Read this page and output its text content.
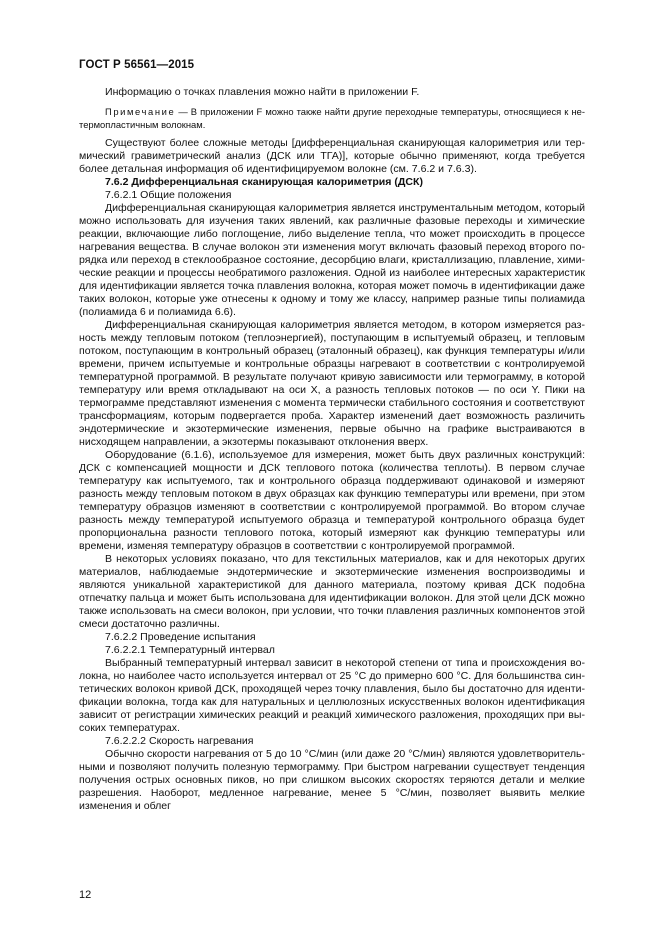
ГОСТ Р 56561—2015

Информацию о точках плавления можно найти в приложении F.

Примечание — В приложении F можно также найти другие переходные температуры, относящиеся к нетермопластичным волокнам.

Существуют более сложные методы [дифференциальная сканирующая калориметрия или термический гравиметрический анализ (ДСК или ТГА)], которые обычно применяют, когда требуется более детальная информация об идентифицируемом волокне (см. 7.6.2 и 7.6.3).

7.6.2 Дифференциальная сканирующая калориметрия (ДСК)

7.6.2.1 Общие положения

Дифференциальная сканирующая калориметрия является инструментальным методом, который можно использовать для изучения таких явлений, как различные фазовые переходы и химические реакции, включающие либо поглощение, либо выделение тепла, что может происходить в процессе нагревания вещества. В случае волокон эти изменения могут включать фазовый переход второго порядка или переход в стеклообразное состояние, десорбцию влаги, кристаллизацию, плавление, химические реакции и процессы необратимого разложения. Одной из наиболее интересных характеристик для идентификации является точка плавления волокна, которая может помочь в идентификации даже таких волокон, которые уже отнесены к одному и тому же классу, например разные типы полиамида (полиамида 6 и полиамида 6.6).

Дифференциальная сканирующая калориметрия является методом, в котором измеряется разность между тепловым потоком (теплоэнергией), поступающим в испытуемый образец, и тепловым потоком, поступающим в контрольный образец (эталонный образец), как функция температуры и/или времени, причем испытуемые и контрольные образцы нагревают в соответствии с контролируемой температурной программой. В результате получают кривую зависимости или термограмму, в которой температуру или время откладывают на оси X, а разность тепловых потоков — по оси Y. Пики на термограмме представляют изменения с момента термически стабильного состояния и соответствуют трансформациям, которым подвергается проба. Характер изменений дает возможность различить эндотермические и экзотермические изменения, первые обычно на графике выстраиваются в нисходящем направлении, а экзотермы показывают отклонения вверх.

Оборудование (6.1.6), используемое для измерения, может быть двух различных конструкций: ДСК с компенсацией мощности и ДСК теплового потока (количества теплоты). В первом случае температуру как испытуемого, так и контрольного образца поддерживают одинаковой и измеряют разность между тепловым потоком в двух образцах как функцию температуры или времени, при этом температуру образцов изменяют в соответствии с контролируемой программой. Во втором случае разность между температурой испытуемого образца и температурой контрольного образца будет пропорциональна разности теплового потока, который измеряют как функцию температуры или времени, изменяя температуру образцов в соответствии с контролируемой программой.

В некоторых условиях показано, что для текстильных материалов, как и для некоторых других материалов, наблюдаемые эндотермические и экзотермические изменения воспроизводимы и являются уникальной характеристикой для данного материала, поэтому кривая ДСК подобна отпечатку пальца и может быть использована для идентификации волокон. Для этой цели ДСК можно также использовать на смеси волокон, при условии, что точки плавления различных компонентов этой смеси достаточно различны.

7.6.2.2 Проведение испытания

7.6.2.2.1 Температурный интервал

Выбранный температурный интервал зависит в некоторой степени от типа и происхождения волокна, но наиболее часто используется интервал от 25 °С до примерно 600 °С. Для большинства синтетических волокон кривой ДСК, проходящей через точку плавления, было бы достаточно для идентификации волокна, тогда как для натуральных и целлюлозных искусственных волокон идентификация зависит от регистрации химических реакций и реакций химического разложения, проходящих при высоких температурах.

7.6.2.2.2 Скорость нагревания

Обычно скорости нагревания от 5 до 10 °С/мин (или даже 20 °С/мин) являются удовлетворительными и позволяют получить полезную термограмму. При быстром нагревании существует тенденция получения острых основных пиков, но при слишком высоких скоростях теряются детали и мелкие разрешения. Наоборот, медленное нагревание, менее 5 °С/мин, позволяет выявить мелкие изменения и облег

12
